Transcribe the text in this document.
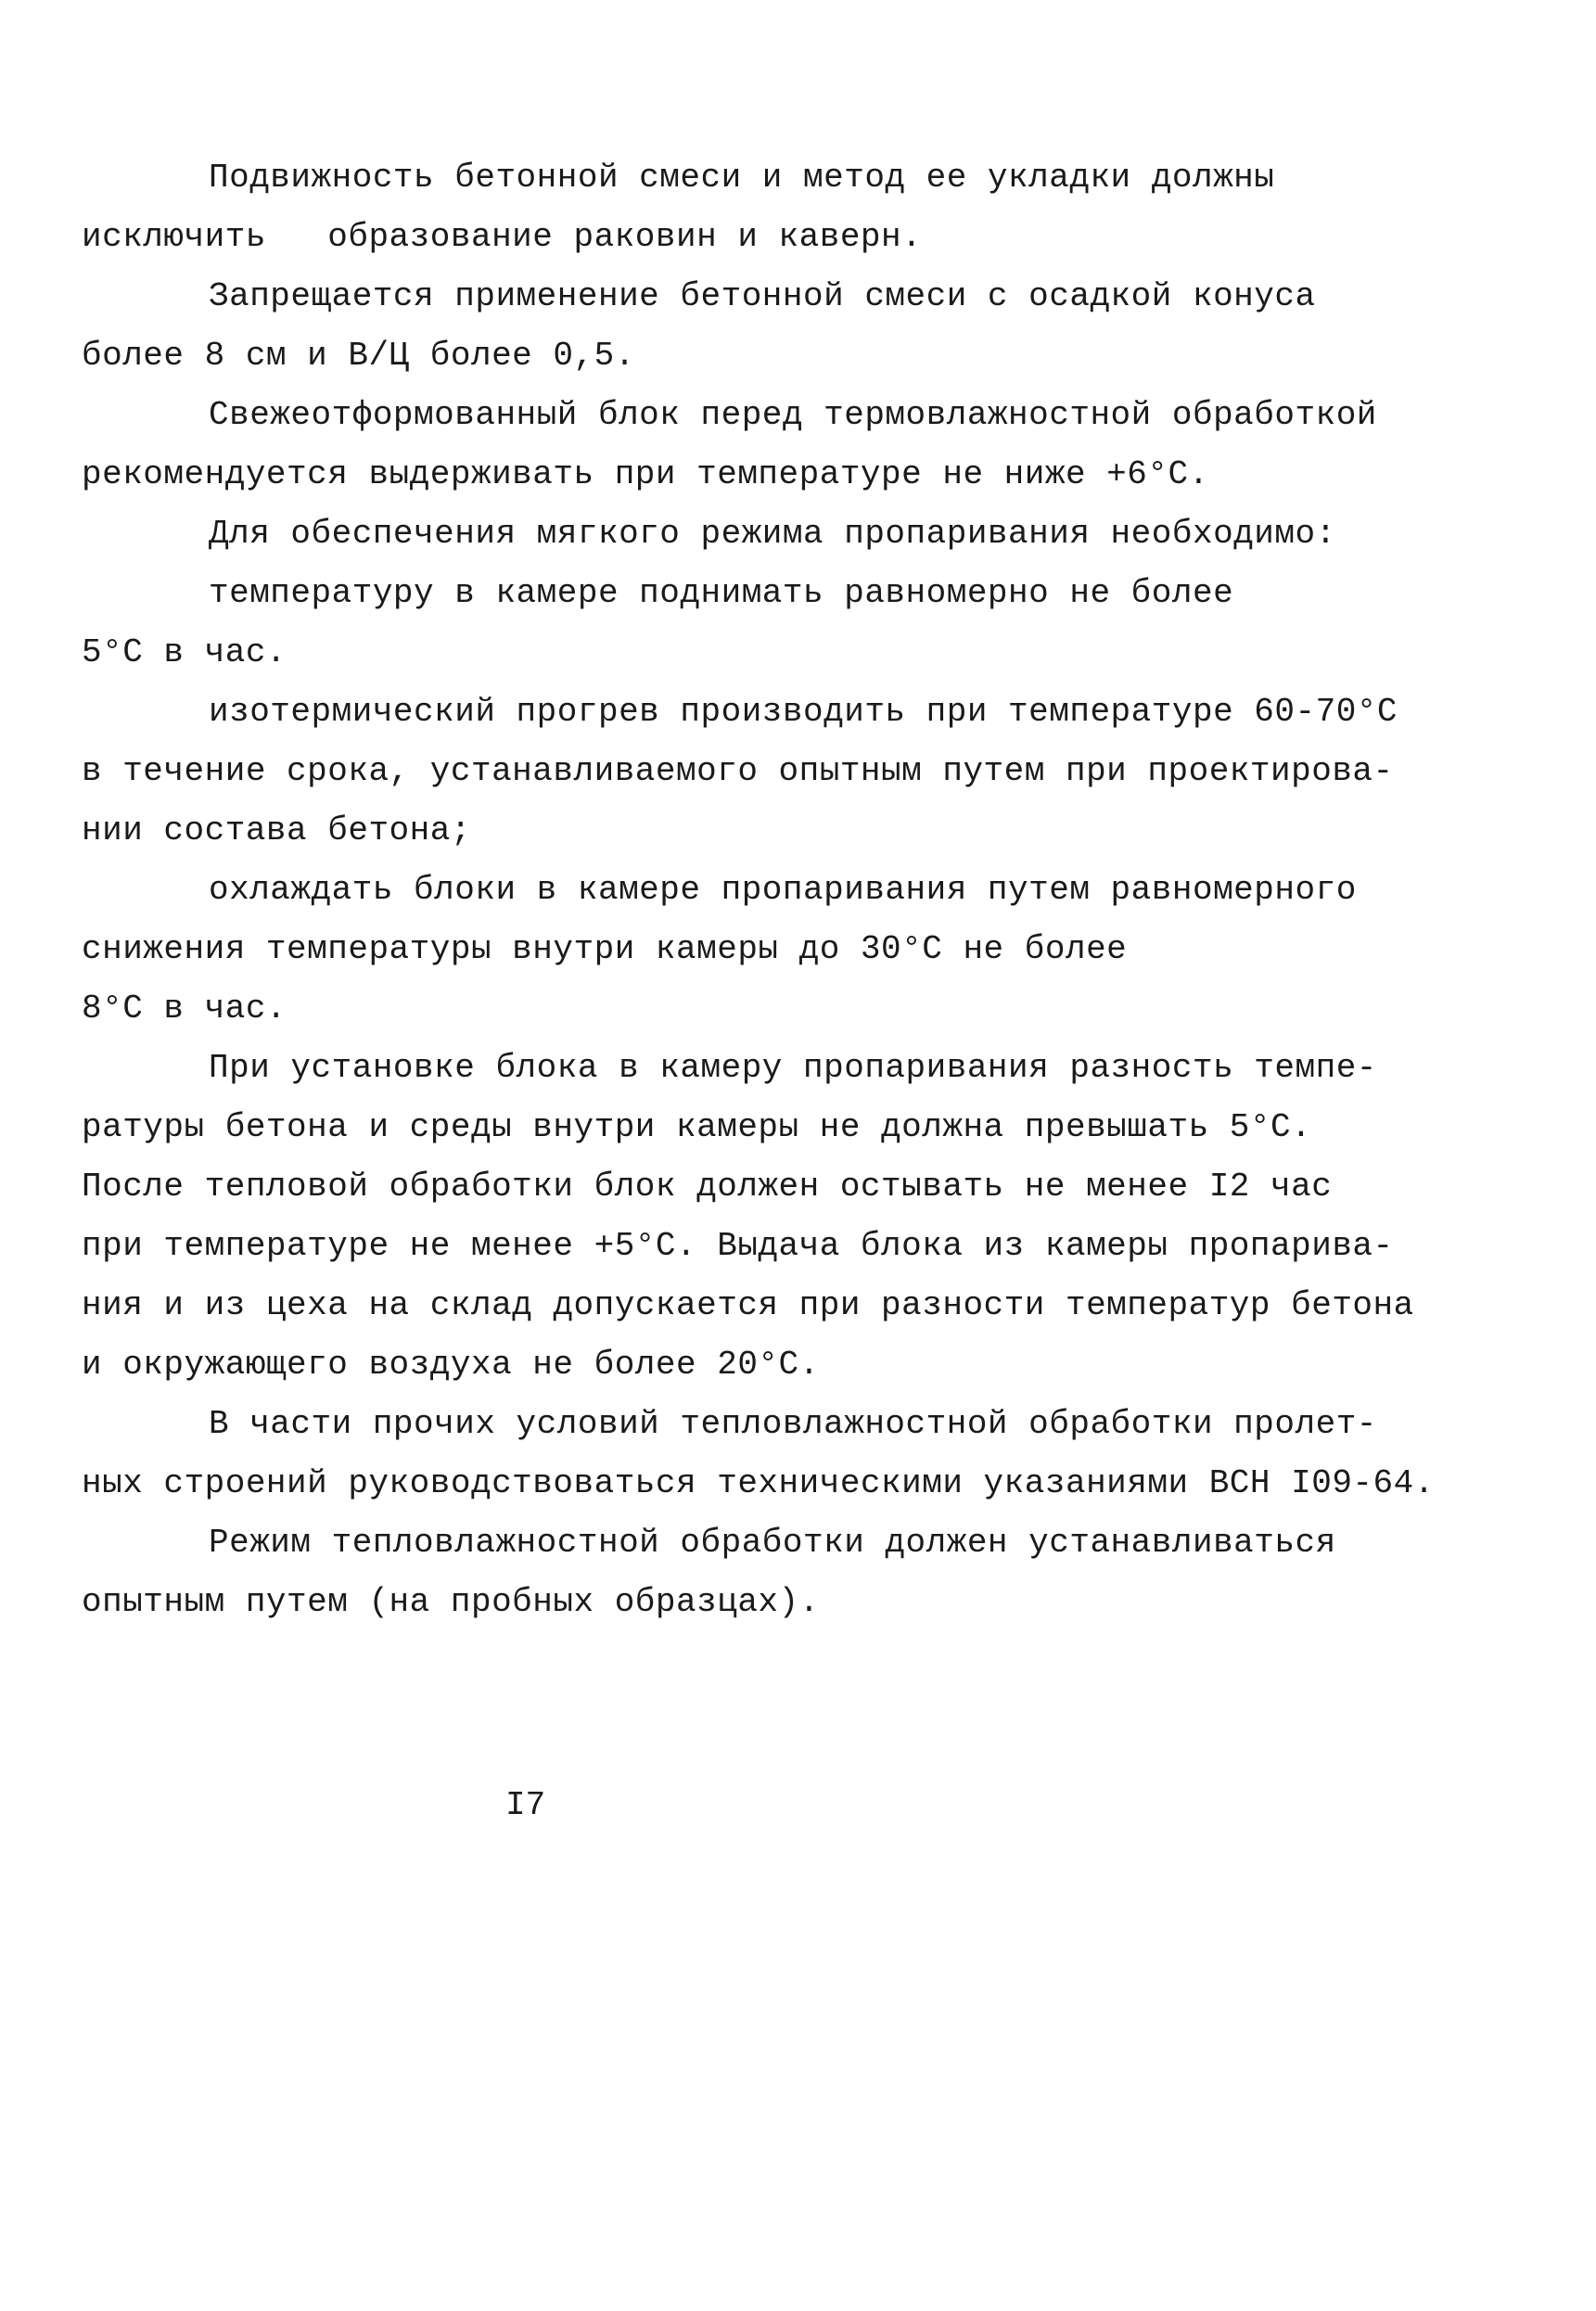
Подвижность бетонной смеси и метод ее укладки должны
исключить   образование раковин и каверн.
Запрещается применение бетонной смеси с осадкой конуса
более 8 см и В/Ц более 0,5.
Свежеотформованный блок перед термовлажностной обработкой
рекомендуется выдерживать при температуре не ниже +6°С.
Для обеспечения мягкого режима пропаривания необходимо:
температуру в камере поднимать равномерно не более
5°С в час.
изотермический прогрев производить при температуре 60-70°С
в течение срока, устанавливаемого опытным путем при проектирова-
нии состава бетона;
охлаждать блоки в камере пропаривания путем равномерного
снижения температуры внутри камеры до 30°С не более
8°С в час.
При установке блока в камеру пропаривания разность темпе-
ратуры бетона и среды внутри камеры не должна превышать 5°С.
После тепловой обработки блок должен остывать не менее I2 час
при температуре не менее +5°С. Выдача блока из камеры пропарива-
ния и из цеха на склад допускается при разности температур бетона
и окружающего воздуха не более 20°С.
В части прочих условий тепловлажностной обработки пролет-
ных строений руководствоваться техническими указаниями ВСН I09-64.
Режим тепловлажностной обработки должен устанавливаться
опытным путем (на пробных образцах).
I7
